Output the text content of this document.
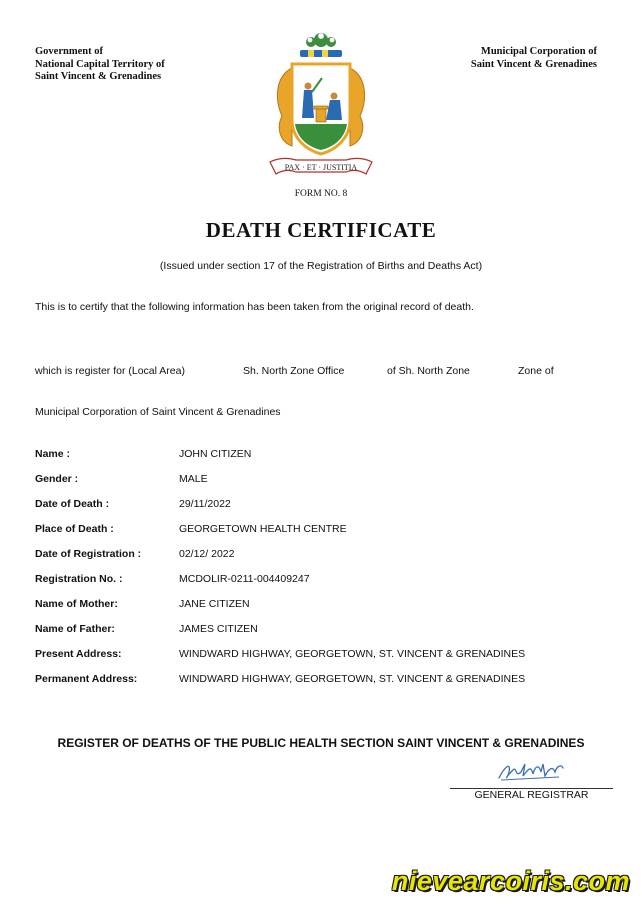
Government of
National Capital Territory of
Saint Vincent & Grenadines
Municipal Corporation of
Saint Vincent & Grenadines
PAX · ET · JUSTITIA
FORM NO. 8
DEATH CERTIFICATE
(Issued under section 17 of the Registration of Births and Deaths Act)
This is to certify that the following information has been taken from the original record of death.
which is register for (Local Area)	Sh. North Zone Office	of Sh. North Zone	Zone of
Municipal Corporation of Saint Vincent & Grenadines
Name :	JOHN CITIZEN
Gender :	MALE
Date of Death :	29/11/2022
Place of Death :	GEORGETOWN HEALTH CENTRE
Date of Registration :	02/12/ 2022
Registration No. :	MCDOLIR-0211-004409247
Name of Mother:	JANE CITIZEN
Name of Father:	JAMES CITIZEN
Present Address:	WINDWARD HIGHWAY, GEORGETOWN, ST. VINCENT & GRENADINES
Permanent Address:	WINDWARD HIGHWAY, GEORGETOWN, ST. VINCENT & GRENADINES
REGISTER OF DEATHS OF THE PUBLIC HEALTH SECTION SAINT VINCENT & GRENADINES
GENERAL REGISTRAR
nievearcoiris.com
